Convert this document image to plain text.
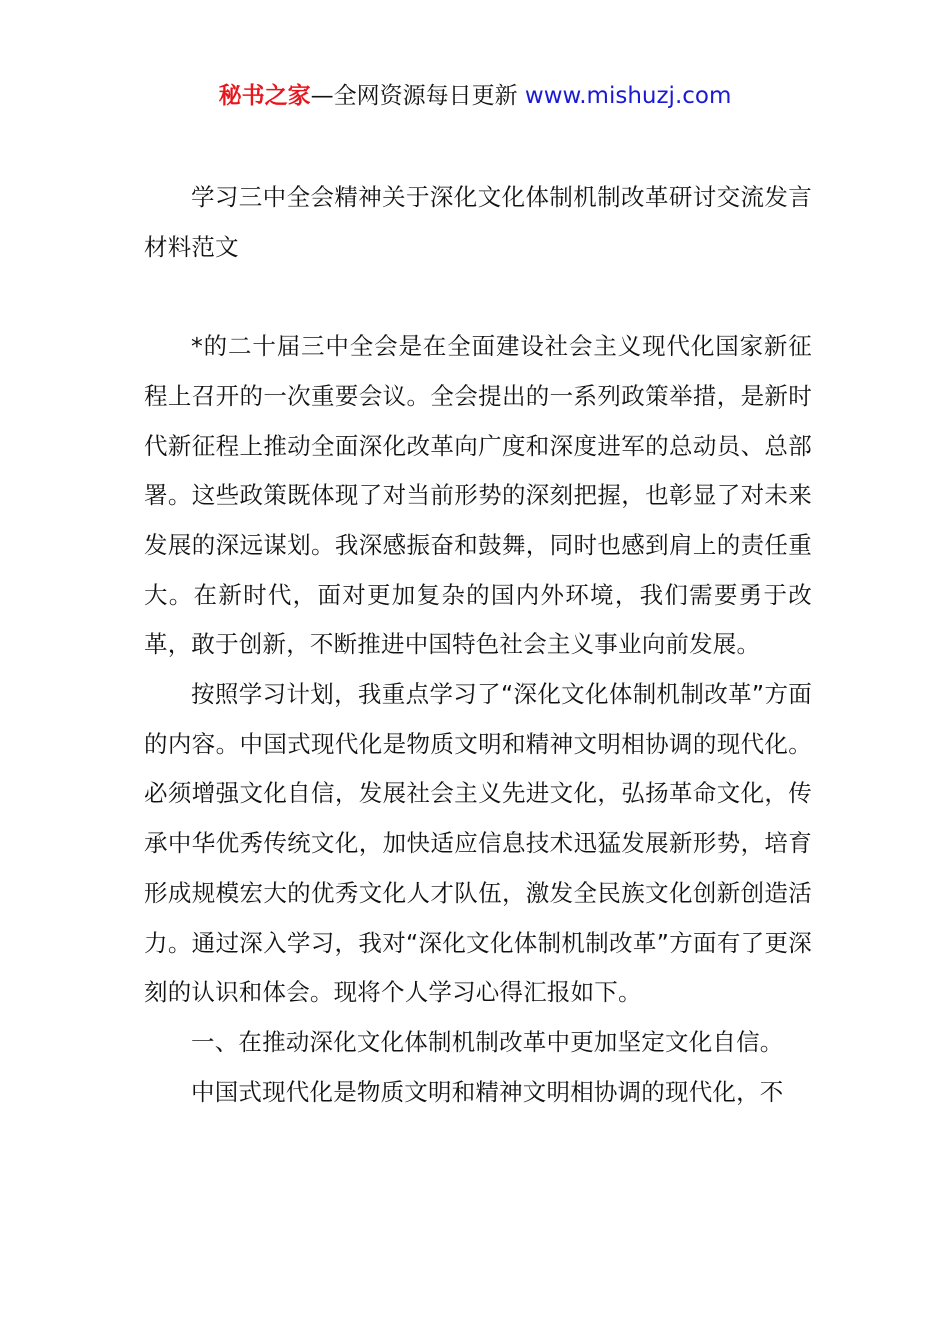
秘书之家—全网资源每日更新 www.mishuzj.com

学习三中全会精神关于深化文化体制机制改革研讨交流发言材料范文

*的二十届三中全会是在全面建设社会主义现代化国家新征程上召开的一次重要会议。全会提出的一系列政策举措，是新时代新征程上推动全面深化改革向广度和深度进军的总动员、总部署。这些政策既体现了对当前形势的深刻把握，也彰显了对未来发展的深远谋划。我深感振奋和鼓舞，同时也感到肩上的责任重大。在新时代，面对更加复杂的国内外环境，我们需要勇于改革，敢于创新，不断推进中国特色社会主义事业向前发展。

按照学习计划，我重点学习了“深化文化体制机制改革”方面的内容。中国式现代化是物质文明和精神文明相协调的现代化。必须增强文化自信，发展社会主义先进文化，弘扬革命文化，传承中华优秀传统文化，加快适应信息技术迅猛发展新形势，培育形成规模宏大的优秀文化人才队伍，激发全民族文化创新创造活力。通过深入学习，我对“深化文化体制机制改革”方面有了更深刻的认识和体会。现将个人学习心得汇报如下。

一、在推动深化文化体制机制改革中更加坚定文化自信。

中国式现代化是物质文明和精神文明相协调的现代化，不
